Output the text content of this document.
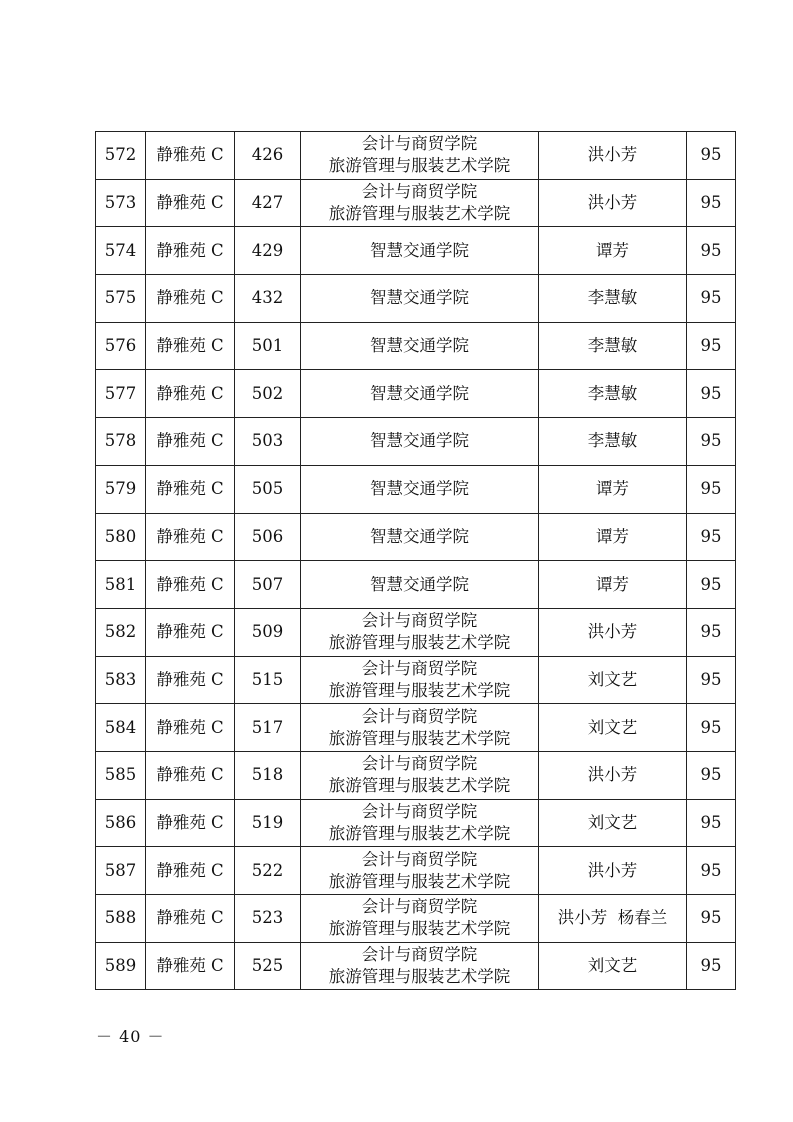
572	静雅苑 C	426	会计与商贸学院
旅游管理与服装艺术学院	洪小芳	95
573	静雅苑 C	427	会计与商贸学院
旅游管理与服装艺术学院	洪小芳	95
574	静雅苑 C	429	智慧交通学院	谭芳	95
575	静雅苑 C	432	智慧交通学院	李慧敏	95
576	静雅苑 C	501	智慧交通学院	李慧敏	95
577	静雅苑 C	502	智慧交通学院	李慧敏	95
578	静雅苑 C	503	智慧交通学院	李慧敏	95
579	静雅苑 C	505	智慧交通学院	谭芳	95
580	静雅苑 C	506	智慧交通学院	谭芳	95
581	静雅苑 C	507	智慧交通学院	谭芳	95
582	静雅苑 C	509	会计与商贸学院
旅游管理与服装艺术学院	洪小芳	95
583	静雅苑 C	515	会计与商贸学院
旅游管理与服装艺术学院	刘文艺	95
584	静雅苑 C	517	会计与商贸学院
旅游管理与服装艺术学院	刘文艺	95
585	静雅苑 C	518	会计与商贸学院
旅游管理与服装艺术学院	洪小芳	95
586	静雅苑 C	519	会计与商贸学院
旅游管理与服装艺术学院	刘文艺	95
587	静雅苑 C	522	会计与商贸学院
旅游管理与服装艺术学院	洪小芳	95
588	静雅苑 C	523	会计与商贸学院
旅游管理与服装艺术学院	洪小芳  杨春兰	95
589	静雅苑 C	525	会计与商贸学院
旅游管理与服装艺术学院	刘文艺	95
－ 40 －
